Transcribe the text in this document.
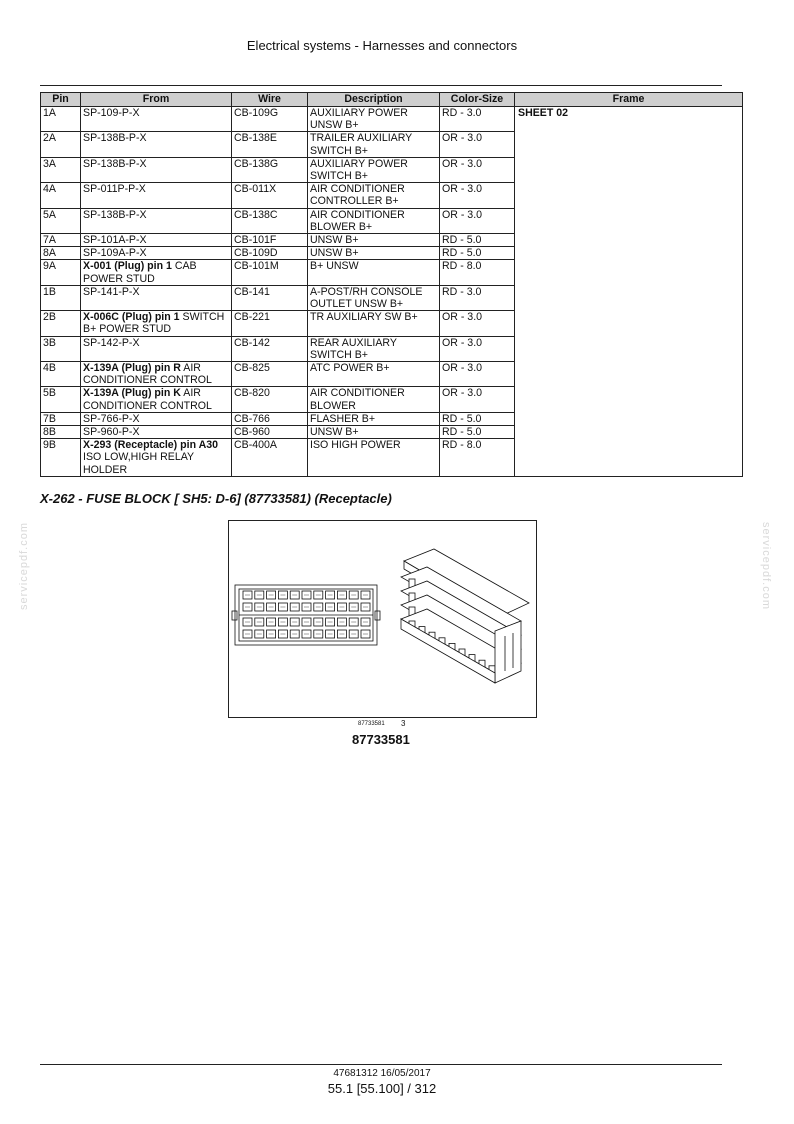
Electrical systems - Harnesses and connectors
Pin	From	Wire	Description	Color-Size	Frame
1A	SP-109-P-X	CB-109G	AUXILIARY POWER UNSW B+	RD - 3.0	SHEET 02
2A	SP-138B-P-X	CB-138E	TRAILER AUXILIARY SWITCH B+	OR - 3.0	
3A	SP-138B-P-X	CB-138G	AUXILIARY POWER SWITCH B+	OR - 3.0	
4A	SP-011P-P-X	CB-011X	AIR CONDITIONER CONTROLLER B+	OR - 3.0	
5A	SP-138B-P-X	CB-138C	AIR CONDITIONER BLOWER B+	OR - 3.0	
7A	SP-101A-P-X	CB-101F	UNSW B+	RD - 5.0	
8A	SP-109A-P-X	CB-109D	UNSW B+	RD - 5.0	
9A	X-001 (Plug) pin 1 CAB POWER STUD	CB-101M	B+ UNSW	RD - 8.0	
1B	SP-141-P-X	CB-141	A-POST/RH CONSOLE OUTLET UNSW B+	RD - 3.0	
2B	X-006C (Plug) pin 1 SWITCH B+ POWER STUD	CB-221	TR AUXILIARY SW B+	OR - 3.0	
3B	SP-142-P-X	CB-142	REAR AUXILIARY SWITCH B+	OR - 3.0	
4B	X-139A (Plug) pin R AIR CONDITIONER CONTROL	CB-825	ATC POWER B+	OR - 3.0	
5B	X-139A (Plug) pin K AIR CONDITIONER CONTROL	CB-820	AIR CONDITIONER BLOWER	OR - 3.0	
7B	SP-766-P-X	CB-766	FLASHER B+	RD - 5.0	
8B	SP-960-P-X	CB-960	UNSW B+	RD - 5.0	
9B	X-293 (Receptacle) pin A30 ISO LOW,HIGH RELAY HOLDER	CB-400A	ISO HIGH POWER	RD - 8.0	
X-262 - FUSE BLOCK [ SH5: D-6] (87733581) (Receptacle)
87733581 3
87733581
servicepdf.com	servicepdf.com
47681312 16/05/2017
55.1 [55.100] / 312
